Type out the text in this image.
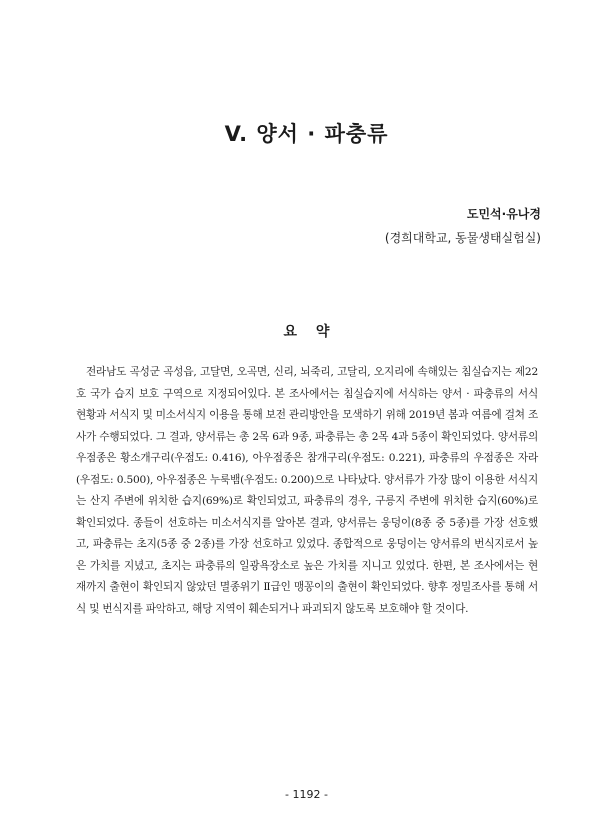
V. 양서 · 파충류
도민석·유나경
(경희대학교, 동물생태실험실)
요 약

전라남도 곡성군 곡성읍, 고달면, 오곡면, 신리, 뇌죽리, 고달리, 오지리에 속해있는 침실습지는 제22호 국가 습지 보호 구역으로 지정되어있다. 본 조사에서는 침실습지에 서식하는 양서 · 파충류의 서식 현황과 서식지 및 미소서식지 이용을 통해 보전 관리방안을 모색하기 위해 2019년 봄과 여름에 걸쳐 조사가 수행되었다. 그 결과, 양서류는 총 2목 6과 9종, 파충류는 총 2목 4과 5종이 확인되었다. 양서류의 우점종은 황소개구리(우점도: 0.416), 아우점종은 참개구리(우점도: 0.221), 파충류의 우점종은 자라(우점도: 0.500), 아우점종은 누룩뱀(우점도: 0.200)으로 나타났다. 양서류가 가장 많이 이용한 서식지는 산지 주변에 위치한 습지(69%)로 확인되었고, 파충류의 경우, 구릉지 주변에 위치한 습지(60%)로 확인되었다. 종들이 선호하는 미소서식지를 알아본 결과, 양서류는 웅덩이(8종 중 5종)를 가장 선호했고, 파충류는 초지(5종 중 2종)를 가장 선호하고 있었다. 종합적으로 웅덩이는 양서류의 번식지로서 높은 가치를 지녔고, 초지는 파충류의 일광욕장소로 높은 가치를 지니고 있었다. 한편, 본 조사에서는 현재까지 출현이 확인되지 않았던 멸종위기 Ⅱ급인 맹꽁이의 출현이 확인되었다. 향후 정밀조사를 통해 서식 및 번식지를 파악하고, 해당 지역이 훼손되거나 파괴되지 않도록 보호해야 할 것이다.

- 1192 -
